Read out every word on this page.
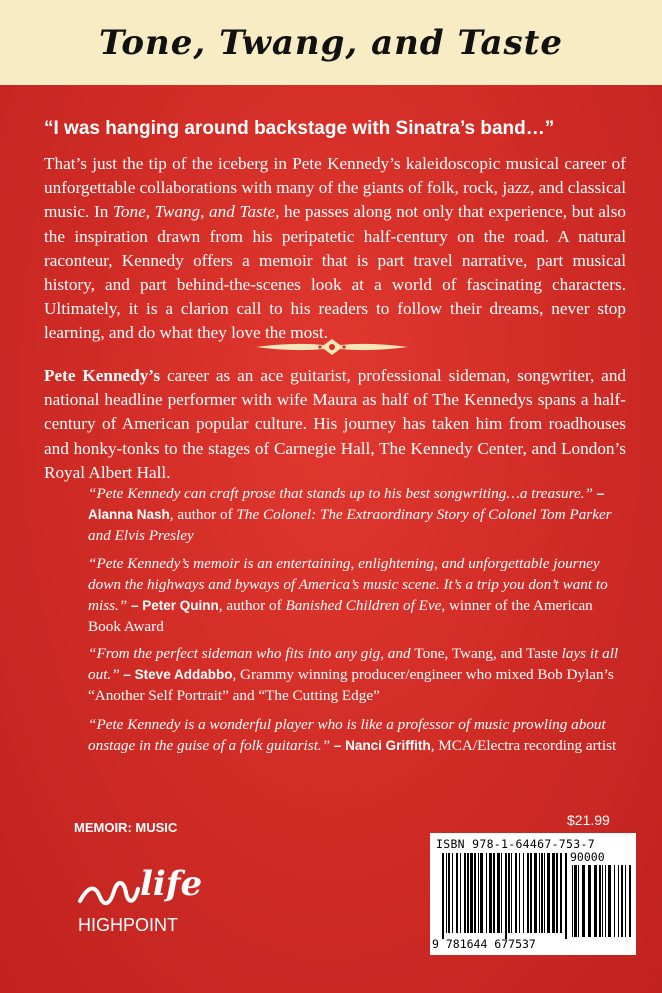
Tone, Twang, and Taste
“I was hanging around backstage with Sinatra’s band…”

That’s just the tip of the iceberg in Pete Kennedy’s kaleidoscopic musical career of unforgettable collaborations with many of the giants of folk, rock, jazz, and classical music. In Tone, Twang, and Taste, he passes along not only that experience, but also the inspiration drawn from his peripatetic half-century on the road. A natural raconteur, Kennedy offers a memoir that is part travel narrative, part musical history, and part behind-the-scenes look at a world of fascinating characters. Ultimately, it is a clarion call to his readers to follow their dreams, never stop learning, and do what they love the most.

Pete Kennedy’s career as an ace guitarist, professional sideman, songwriter, and national headline performer with wife Maura as half of The Kennedys spans a half-century of American popular culture. His journey has taken him from roadhouses and honky-tonks to the stages of Carnegie Hall, The Kennedy Center, and London’s Royal Albert Hall.

“Pete Kennedy can craft prose that stands up to his best songwriting…a treasure.” – Alanna Nash, author of The Colonel: The Extraordinary Story of Colonel Tom Parker and Elvis Presley

“Pete Kennedy’s memoir is an entertaining, enlightening, and unforgettable journey down the highways and byways of America’s music scene. It’s a trip you don’t want to miss.” – Peter Quinn, author of Banished Children of Eve, winner of the American Book Award

“From the perfect sideman who fits into any gig, and Tone, Twang, and Taste lays it all out.” – Steve Addabbo, Grammy winning producer/engineer who mixed Bob Dylan’s “Another Self Portrait” and “The Cutting Edge”

“Pete Kennedy is a wonderful player who is like a professor of music prowling about onstage in the guise of a folk guitarist.” – Nanci Griffith, MCA/Electra recording artist

MEMOIR: MUSIC	$21.99
life
HIGHPOINT
ISBN 978-1-64467-753-7
90000
9 781644 677537
